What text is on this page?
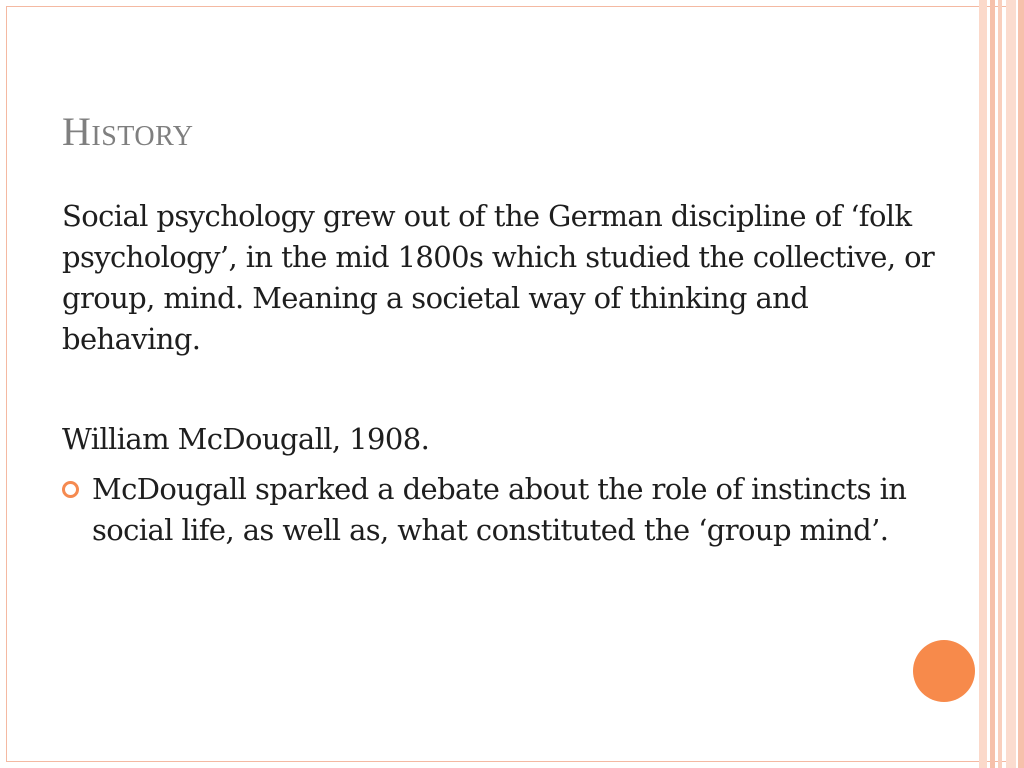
History
Social psychology grew out of the German discipline of ‘folk psychology’, in the mid 1800s which studied the collective, or group, mind. Meaning a societal way of thinking and behaving.
William McDougall, 1908.
McDougall sparked a debate about the role of instincts in social life, as well as, what constituted the ‘group mind’.
